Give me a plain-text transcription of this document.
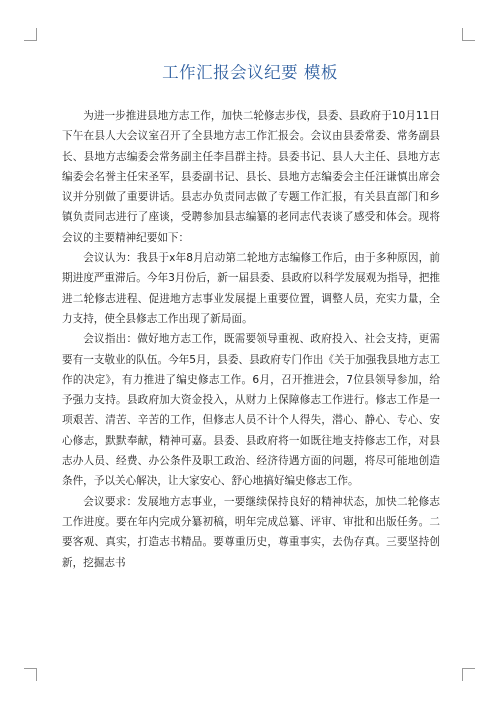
工作汇报会议纪要 模板

为进一步推进县地方志工作，加快二轮修志步伐，县委、县政府于10月11日下午在县人大会议室召开了全县地方志工作汇报会。会议由县委常委、常务副县长、县地方志编委会常务副主任李昌群主持。县委书记、县人大主任、县地方志编委会名誉主任宋圣军，县委副书记、县长、县地方志编委会主任汪谦慎出席会议并分别做了重要讲话。县志办负责同志做了专题工作汇报，有关县直部门和乡镇负责同志进行了座谈，受聘参加县志编纂的老同志代表谈了感受和体会。现将会议的主要精神纪要如下：

会议认为：我县于x年8月启动第二轮地方志编修工作后，由于多种原因，前期进度严重滞后。今年3月份后，新一届县委、县政府以科学发展观为指导，把推进二轮修志进程、促进地方志事业发展提上重要位置，调整人员，充实力量，全力支持，使全县修志工作出现了新局面。

会议指出：做好地方志工作，既需要领导重视、政府投入、社会支持，更需要有一支敬业的队伍。今年5月，县委、县政府专门作出《关于加强我县地方志工作的决定》，有力推进了编史修志工作。6月，召开推进会，7位县领导参加，给予强力支持。县政府加大资金投入，从财力上保障修志工作进行。修志工作是一项艰苦、清苦、辛苦的工作，但修志人员不计个人得失，潜心、静心、专心、安心修志，默默奉献，精神可嘉。县委、县政府将一如既往地支持修志工作，对县志办人员、经费、办公条件及职工政治、经济待遇方面的问题，将尽可能地创造条件，予以关心解决，让大家安心、舒心地搞好编史修志工作。

会议要求：发展地方志事业，一要继续保持良好的精神状态，加快二轮修志工作进度。要在年内完成分纂初稿，明年完成总纂、评审、审批和出版任务。二要客观、真实，打造志书精品。要尊重历史，尊重事实，去伪存真。三要坚持创新，挖掘志书
